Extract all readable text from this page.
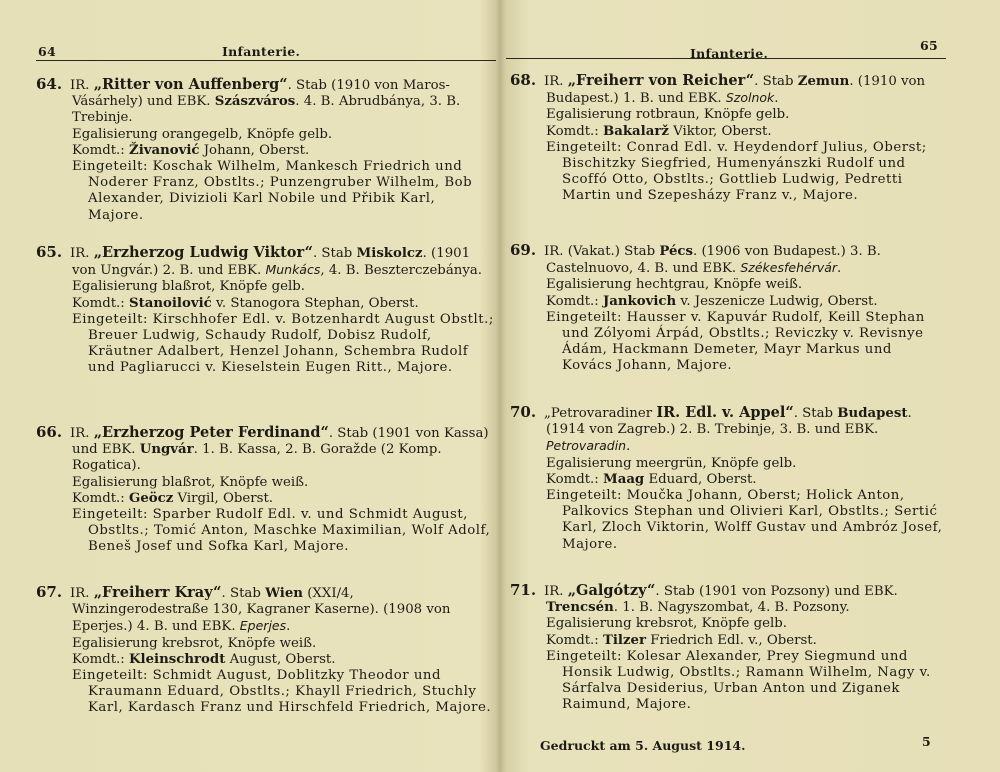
64	Infanterie.

64. IR. „Ritter von Auffenberg“. Stab (1910 von Maros-Vásárhely) und EBK. Szászváros. 4. B. Abrudbánya, 3. B. Trebinje.

Egalisierung orangegelb, Knöpfe gelb.

Komdt.: Živanović Johann, Oberst.

Eingeteilt: Koschak Wilhelm, Mankesch Friedrich und Noderer Franz, Obstlts.; Punzengruber Wilhelm, Bob Alexander, Divizioli Karl Nobile und Přibik Karl, Majore.

65. IR. „Erzherzog Ludwig Viktor“. Stab Miskolcz. (1901 von Ungvár.) 2. B. und EBK. Munkács, 4. B. Beszterczebánya.

Egalisierung blaßrot, Knöpfe gelb.

Komdt.: Stanoilović v. Stanogora Stephan, Oberst.

Eingeteilt: Kirschhofer Edl. v. Botzenhardt August Obstlt.; Breuer Ludwig, Schaudy Rudolf, Dobisz Rudolf, Kräutner Adalbert, Henzel Johann, Schembra Rudolf und Pagliarucci v. Kieselstein Eugen Ritt., Majore.

66. IR. „Erzherzog Peter Ferdinand“. Stab (1901 von Kassa) und EBK. Ungvár. 1. B. Kassa, 2. B. Goražde (2 Komp. Rogatica).

Egalisierung blaßrot, Knöpfe weiß.

Komdt.: Geöcz Virgil, Oberst.

Eingeteilt: Sparber Rudolf Edl. v. und Schmidt August, Obstlts.; Tomić Anton, Maschke Maximilian, Wolf Adolf, Beneš Josef und Sofka Karl, Majore.

67. IR. „Freiherr Kray“. Stab Wien (XXI/4, Winzingerodestraße 130, Kagraner Kaserne). (1908 von Eperjes.) 4. B. und EBK. Eperjes.

Egalisierung krebsrot, Knöpfe weiß.

Komdt.: Kleinschrodt August, Oberst.

Eingeteilt: Schmidt August, Doblitzky Theodor und Kraumann Eduard, Obstlts.; Khayll Friedrich, Stuchly Karl, Kardasch Franz und Hirschfeld Friedrich, Majore.

Infanterie.
65

68. IR. „Freiherr von Reicher“. Stab Zemun. (1910 von Budapest.) 1. B. und EBK. Szolnok.

Egalisierung rotbraun, Knöpfe gelb.

Komdt.: Bakalarž Viktor, Oberst.

Eingeteilt: Conrad Edl. v. Heydendorf Julius, Oberst; Bischitzky Siegfried, Humenyánszki Rudolf und Scoffó Otto, Obstlts.; Gottlieb Ludwig, Pedretti Martin und Szepesházy Franz v., Majore.

69. IR. (Vakat.) Stab Pécs. (1906 von Budapest.) 3. B. Castelnuovo, 4. B. und EBK. Székesfehérvár.

Egalisierung hechtgrau, Knöpfe weiß.

Komdt.: Jankovich v. Jeszenicze Ludwig, Oberst.

Eingeteilt: Hausser v. Kapuvár Rudolf, Keill Stephan und Zólyomi Árpád, Obstlts.; Reviczky v. Revisnye Ádám, Hackmann Demeter, Mayr Markus und Kovács Johann, Majore.

70. „Petrovaradiner IR. Edl. v. Appel“. Stab Budapest. (1914 von Zagreb.) 2. B. Trebinje, 3. B. und EBK. Petrovaradin.

Egalisierung meergrün, Knöpfe gelb.

Komdt.: Maag Eduard, Oberst.

Eingeteilt: Moučka Johann, Oberst; Holick Anton, Palkovics Stephan und Olivieri Karl, Obstlts.; Sertić Karl, Zloch Viktorin, Wolff Gustav und Ambróz Josef, Majore.

71. IR. „Galgótzy“. Stab (1901 von Pozsony) und EBK. Trencsén. 1. B. Nagyszombat, 4. B. Pozsony.

Egalisierung krebsrot, Knöpfe gelb.

Komdt.: Tilzer Friedrich Edl. v., Oberst.

Eingeteilt: Kolesar Alexander, Prey Siegmund und Honsik Ludwig, Obstlts.; Ramann Wilhelm, Nagy v. Sárfalva Desiderius, Urban Anton und Ziganek Raimund, Majore.

Gedruckt am 5. August 1914.	5
